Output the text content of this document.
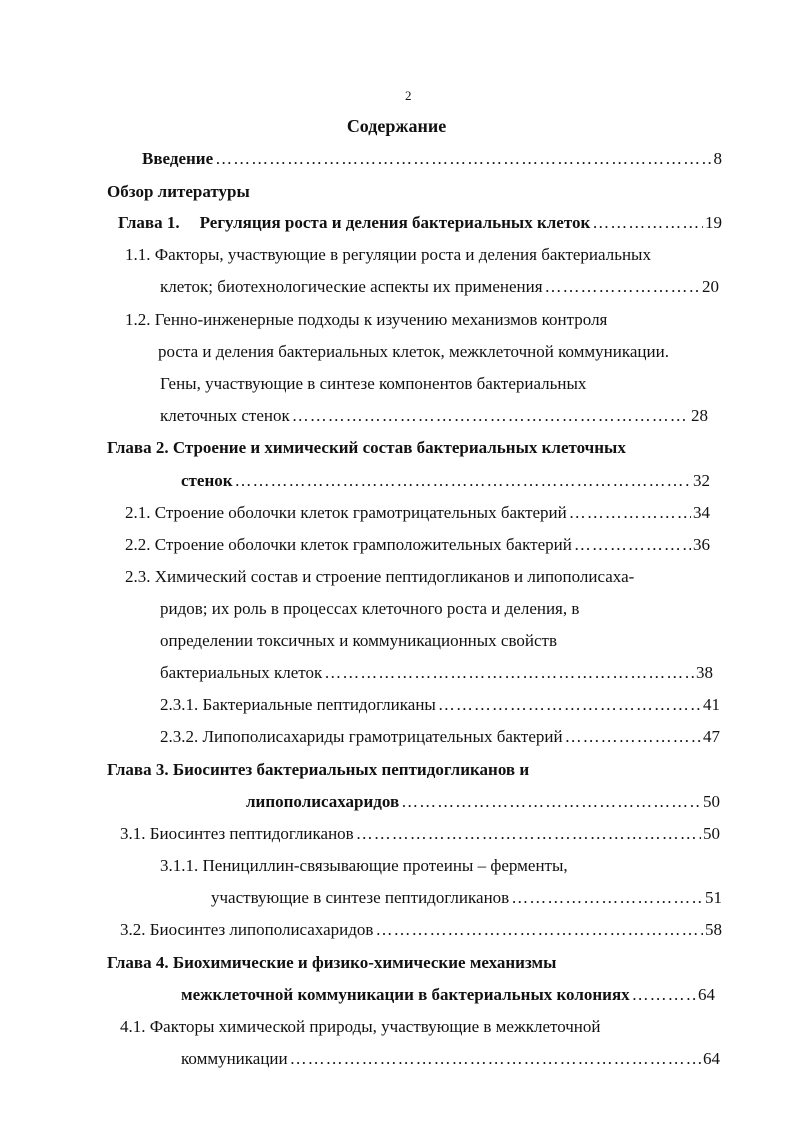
2
Содержание
Введение ……………………………………………………………………………………………………………………………………………………	8
Обзор литературы
Глава 1. Регуляция роста и деления бактериальных клеток ……………………………………………………………………………………………………………………………………………………	19
1.1. Факторы, участвующие в регуляции роста и деления бактериальных
клеток; биотехнологические аспекты их применения ……………………………………………………………………………………………………………………………………………………	20
1.2. Генно-инженерные подходы к изучению механизмов контроля
роста и деления бактериальных клеток, межклеточной коммуникации.
Гены, участвующие в синтезе компонентов бактериальных
клеточных стенок ……………………………………………………………………………………………………………………………………………………	28
Глава 2. Строение и химический состав бактериальных клеточных
стенок ……………………………………………………………………………………………………………………………………………………	32
2.1. Строение оболочки клеток грамотрицательных бактерий ……………………………………………………………………………………………………………………………………………………	34
2.2. Строение оболочки клеток грамположительных бактерий ……………………………………………………………………………………………………………………………………………………	36
2.3. Химический состав и строение пептидогликанов и липополисаха-
ридов; их роль в процессах клеточного роста и деления, в
определении токсичных и коммуникационных свойств
бактериальных клеток ……………………………………………………………………………………………………………………………………………………	38
2.3.1. Бактериальные пептидогликаны ……………………………………………………………………………………………………………………………………………………	41
2.3.2. Липополисахариды грамотрицательных бактерий ……………………………………………………………………………………………………………………………………………………	47
Глава 3. Биосинтез бактериальных пептидогликанов и
липополисахаридов ……………………………………………………………………………………………………………………………………………………	50
3.1. Биосинтез пептидогликанов ……………………………………………………………………………………………………………………………………………………	50
3.1.1. Пенициллин-связывающие протеины – ферменты,
участвующие в синтезе пептидогликанов ……………………………………………………………………………………………………………………………………………………	51
3.2. Биосинтез липополисахаридов ……………………………………………………………………………………………………………………………………………………	58
Глава 4. Биохимические и физико-химические механизмы
межклеточной коммуникации в бактериальных колониях ……………………………………………………………………………………………………………………………………………………	64
4.1. Факторы химической природы, участвующие в межклеточной
коммуникации ……………………………………………………………………………………………………………………………………………………	64
